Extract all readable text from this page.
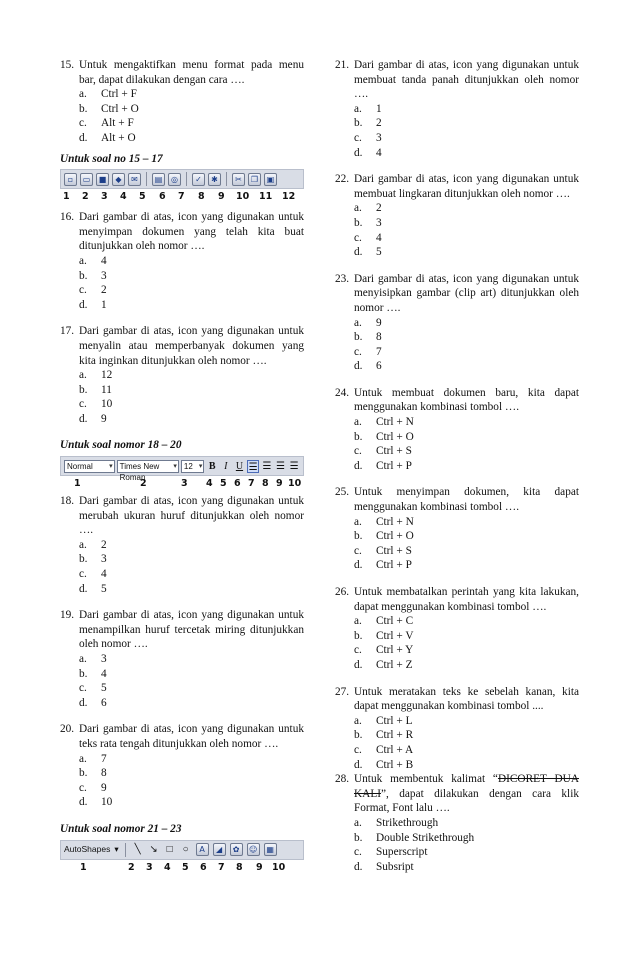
15. Untuk mengaktifkan menu format pada menu bar, dapat dilakukan dengan cara ….
a. Ctrl + F
b. Ctrl + O
c. Alt + F
d. Alt + O
Untuk soal no 15 – 17
▫	▭	■	◆	✉	▤	◎	✓	✱	✂	❐	▣
1 2 3 4 5 6 7 8 9 10 11 12
16. Dari gambar di atas, icon yang digunakan untuk menyimpan dokumen yang telah kita buat ditunjukkan oleh nomor ….
a. 4
b. 3
c. 2
d. 1
17. Dari gambar di atas, icon yang digunakan untuk menyalin atau memperbanyak dokumen yang kita inginkan ditunjukkan oleh nomor ….
a. 12
b. 11
c. 10
d. 9
Untuk soal nomor 18 – 20
Normal ▾	Times New Roman ▾
12 ▾	B I U ☰ ☰ ☰ ☰
1	2	3 4 5 6 7 8 9 10
18. Dari gambar di atas, icon yang digunakan untuk merubah ukuran huruf ditunjukkan oleh nomor ….
a. 2
b. 3
c. 4
d. 5
19. Dari gambar di atas, icon yang digunakan untuk menampilkan huruf tercetak miring ditunjukkan oleh nomor ….
a. 3
b. 4
c. 5
d. 6
20. Dari gambar di atas, icon yang digunakan untuk teks rata tengah ditunjukkan oleh nomor ….
a. 7
b. 8
c. 9
d. 10
Untuk soal nomor 21 – 23
AutoShapes ▾ ╲ ↘ □ ○	A	◢	✿	☺	▦
1	2 3 4 5 6 7 8 9 10
21. Dari gambar di atas, icon yang digunakan untuk membuat tanda panah ditunjukkan oleh nomor ….
a. 1
b. 2
c. 3
d. 4
22. Dari gambar di atas, icon yang digunakan untuk membuat lingkaran ditunjukkan oleh nomor ….
a. 2
b. 3
c. 4
d. 5
23. Dari gambar di atas, icon yang digunakan untuk menyisipkan gambar (clip art) ditunjukkan oleh nomor ….
a. 9
b. 8
c. 7
d. 6
24. Untuk membuat dokumen baru, kita dapat menggunakan kombinasi tombol ….
a. Ctrl + N
b. Ctrl + O
c. Ctrl + S
d. Ctrl + P
25. Untuk menyimpan dokumen, kita dapat menggunakan kombinasi tombol ….
a. Ctrl + N
b. Ctrl + O
c. Ctrl + S
d. Ctrl + P
26. Untuk membatalkan perintah yang kita lakukan, dapat menggunakan kombinasi tombol ….
a. Ctrl + C
b. Ctrl + V
c. Ctrl + Y
d. Ctrl + Z
27. Untuk meratakan teks ke sebelah kanan, kita dapat menggunakan kombinasi tombol ....
a. Ctrl + L
b. Ctrl + R
c. Ctrl + A
d. Ctrl + B
28. Untuk membentuk kalimat “DICORET DUA KALI”, dapat dilakukan dengan cara klik Format, Font lalu ….
a. Strikethrough
b. Double Strikethrough
c. Superscript
d. Subsript
